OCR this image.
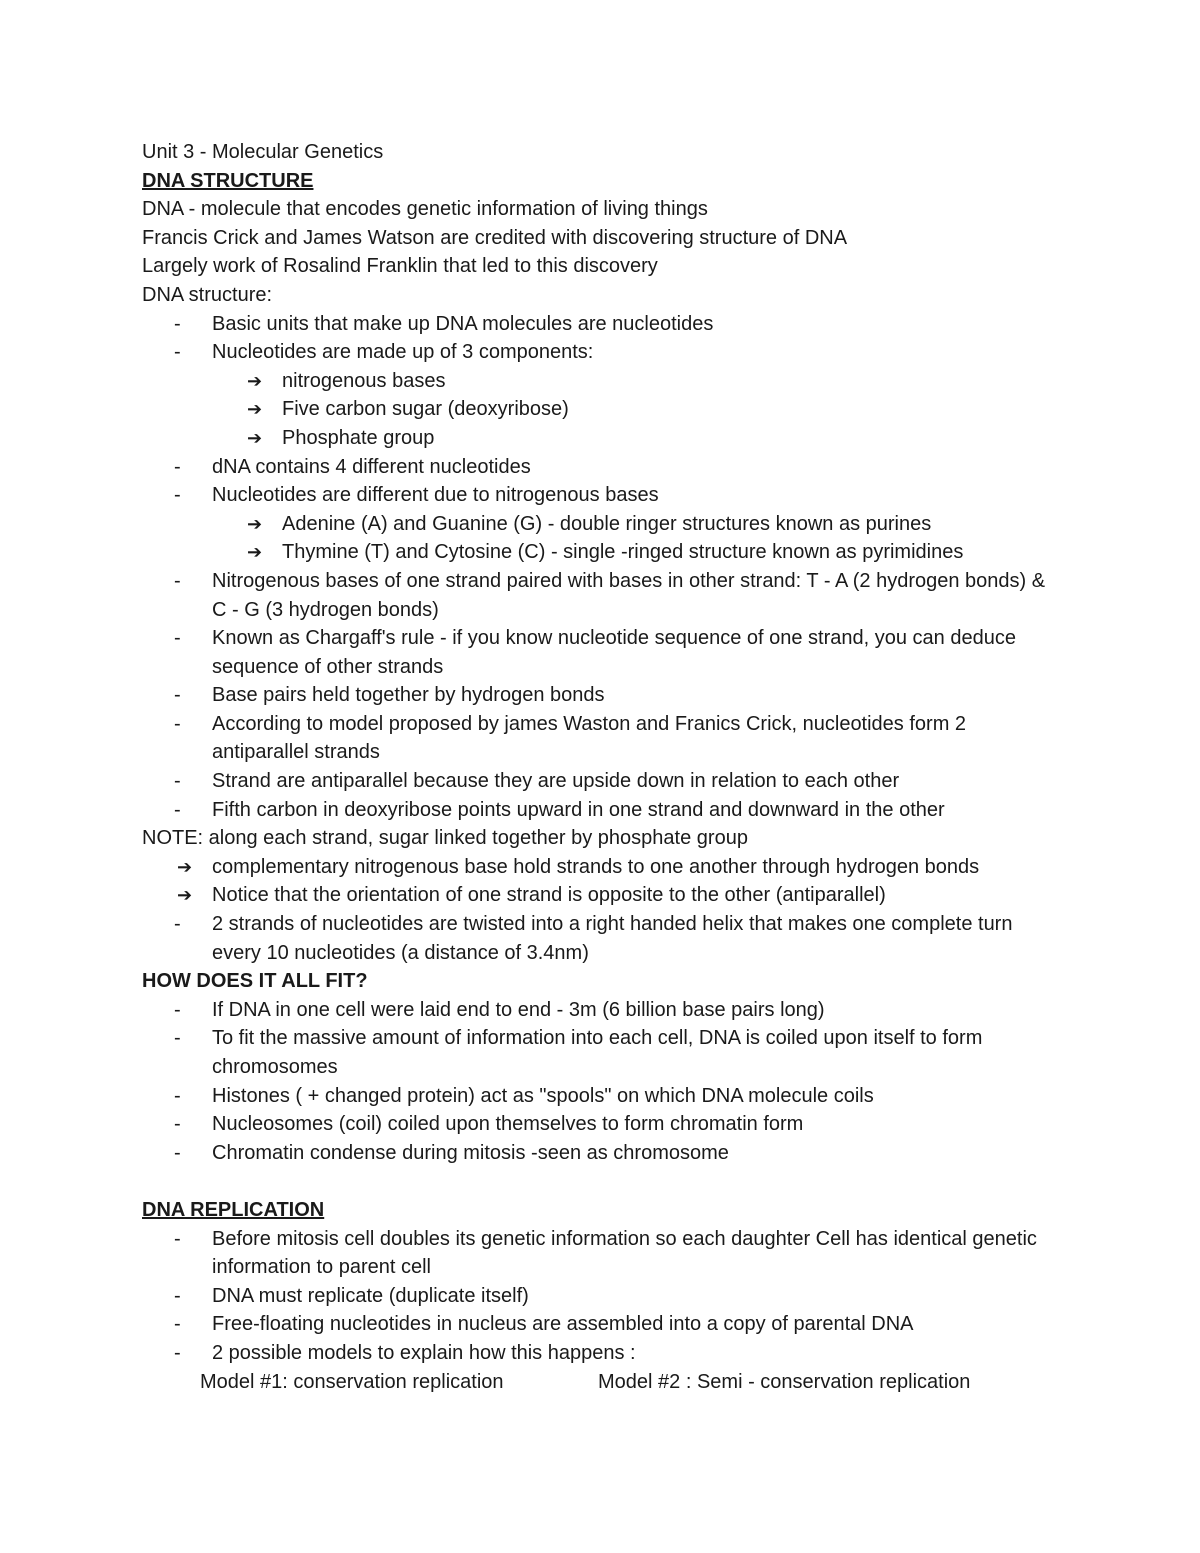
Unit 3 - Molecular Genetics
DNA STRUCTURE
DNA - molecule that encodes genetic information of living things
Francis Crick and James Watson are credited with discovering structure of DNA
Largely work of Rosalind Franklin that led to this discovery
DNA structure:
- Basic units that make up DNA molecules are nucleotides
- Nucleotides are made up of 3 components:
➔ nitrogenous bases
➔ Five carbon sugar (deoxyribose)
➔ Phosphate group
- dNA contains 4 different nucleotides
- Nucleotides are different due to nitrogenous bases
➔ Adenine (A) and Guanine (G) - double ringer structures known as purines
➔ Thymine (T) and Cytosine (C) - single -ringed structure known as pyrimidines
- Nitrogenous bases of one strand paired with bases in other strand: T - A (2 hydrogen bonds) & C - G (3 hydrogen bonds)
- Known as Chargaff's rule - if you know nucleotide sequence of one strand, you can deduce sequence of other strands
- Base pairs held together by hydrogen bonds
- According to model proposed by james Waston and Franics Crick, nucleotides form 2 antiparallel strands
- Strand are antiparallel because they are upside down in relation to each other
- Fifth carbon in deoxyribose points upward in one strand and downward in the other
NOTE: along each strand, sugar linked together by phosphate group
➔ complementary nitrogenous base hold strands to one another through hydrogen bonds
➔ Notice that the orientation of one strand is opposite to the other (antiparallel)
- 2 strands of nucleotides are twisted into a right handed helix that makes one complete turn every 10 nucleotides (a distance of 3.4nm)
HOW DOES IT ALL FIT?
- If DNA in one cell were laid end to end - 3m (6 billion base pairs long)
- To fit the massive amount of information into each cell, DNA is coiled upon itself to form chromosomes
- Histones ( + changed protein) act as "spools" on which DNA molecule coils
- Nucleosomes (coil) coiled upon themselves to form chromatin form
- Chromatin condense during mitosis -seen as chromosome
DNA REPLICATION
- Before mitosis cell doubles its genetic information so each daughter Cell has identical genetic information to parent cell
- DNA must replicate (duplicate itself)
- Free-floating nucleotides in nucleus are assembled into a copy of parental DNA
- 2 possible models to explain how this happens :
Model #1: conservation replication	Model #2 : Semi - conservation replication
